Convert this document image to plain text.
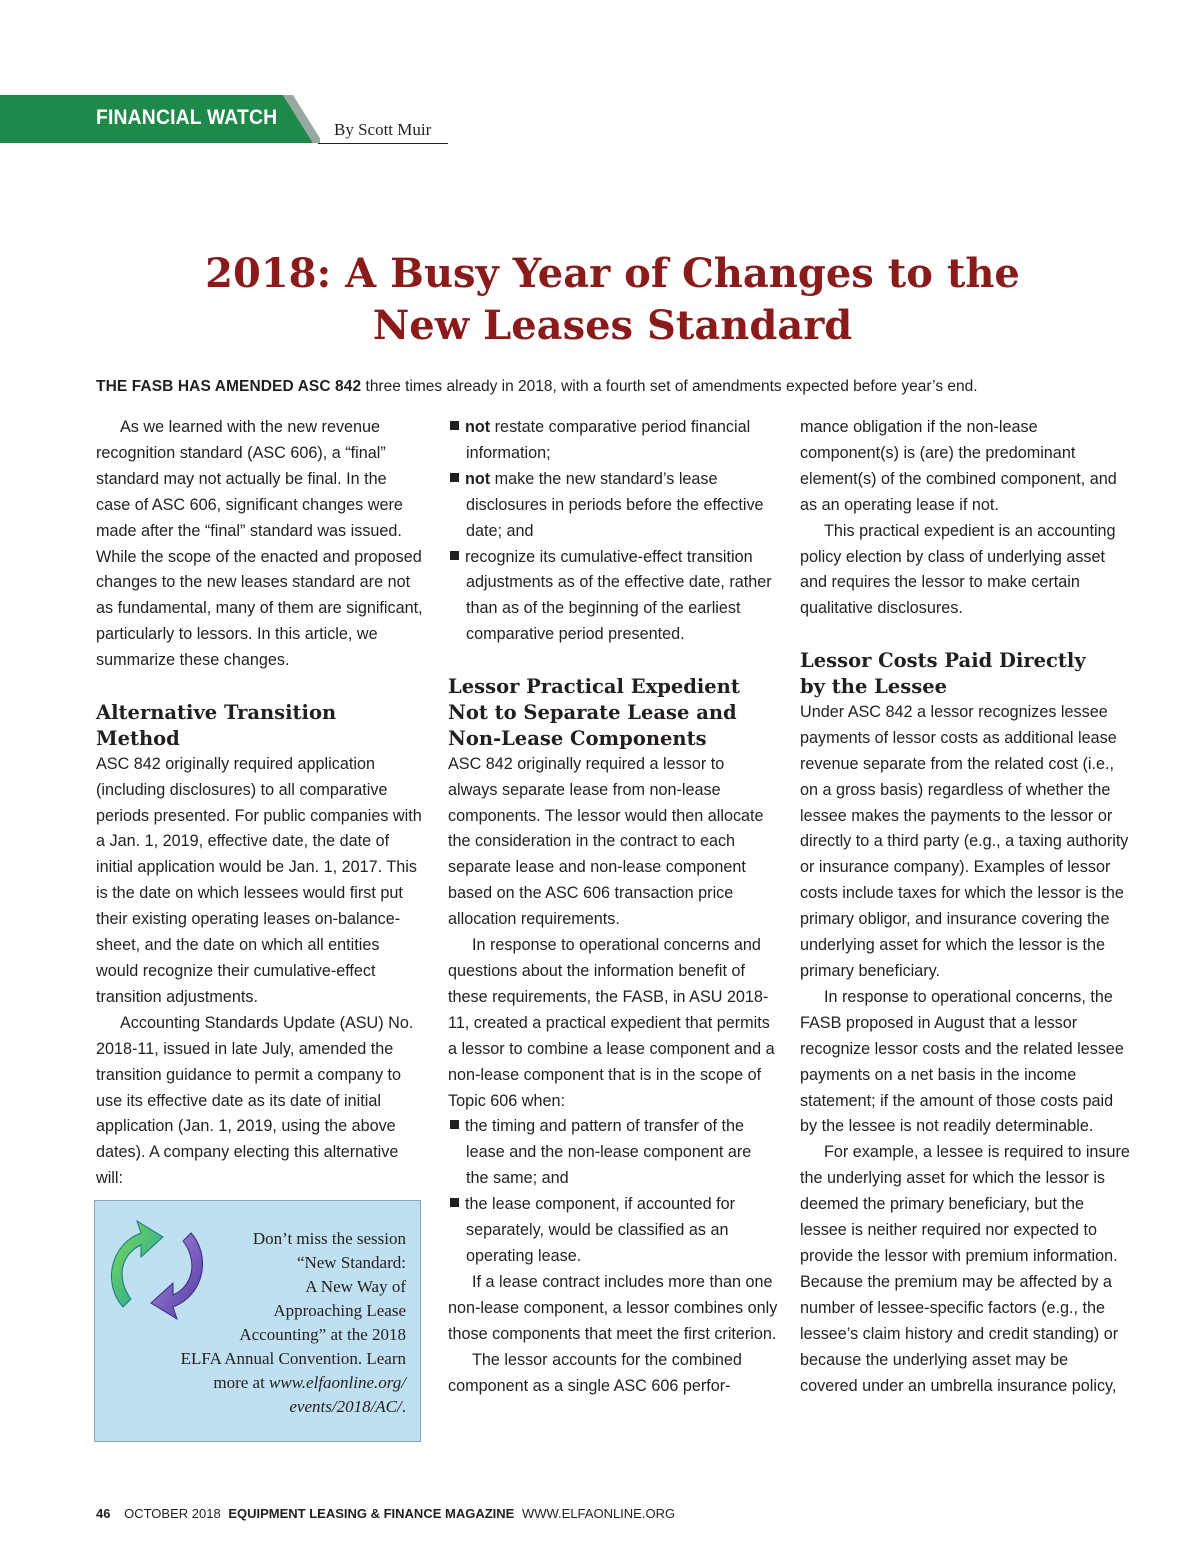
FINANCIAL WATCH
By Scott Muir
2018: A Busy Year of Changes to the
New Leases Standard
THE FASB HAS AMENDED ASC 842 three times already in 2018, with a fourth set of amendments expected before year’s end.

As we learned with the new revenue recognition standard (ASC 606), a “final” standard may not actually be final. In the case of ASC 606, significant changes were made after the “final” standard was issued. While the scope of the enacted and proposed changes to the new leases standard are not as fundamental, many of them are significant, particularly to lessors. In this article, we summarize these changes.

Alternative Transition Method

ASC 842 originally required application (including disclosures) to all comparative periods presented. For public companies with a Jan. 1, 2019, effective date, the date of initial application would be Jan. 1, 2017. This is the date on which lessees would first put their existing operating leases on-balance-sheet, and the date on which all entities would recognize their cumulative-effect transition adjustments.

Accounting Standards Update (ASU) No. 2018-11, issued in late July, amended the transition guidance to permit a company to use its effective date as its date of initial application (Jan. 1, 2019, using the above dates). A company electing this alternative will:

Don’t miss the session
“New Standard:
A New Way of
Approaching Lease
Accounting” at the 2018
ELFA Annual Convention. Learn
more at www.elfaonline.org/
events/2018/AC/.

not restate comparative period financial information;

not make the new standard’s lease disclosures in periods before the effective date; and

recognize its cumulative-effect transition adjustments as of the effective date, rather than as of the beginning of the earliest comparative period presented.

Lessor Practical Expedient Not to Separate Lease and Non-Lease Components

ASC 842 originally required a lessor to always separate lease from non-lease components. The lessor would then allocate the consideration in the contract to each separate lease and non-lease component based on the ASC 606 transaction price allocation requirements.

In response to operational concerns and questions about the information benefit of these requirements, the FASB, in ASU 2018-11, created a practical expedient that permits a lessor to combine a lease component and a non-lease component that is in the scope of Topic 606 when:

the timing and pattern of transfer of the lease and the non-lease component are the same; and

the lease component, if accounted for separately, would be classified as an operating lease.

If a lease contract includes more than one non-lease component, a lessor combines only those components that meet the first criterion.

The lessor accounts for the combined component as a single ASC 606 perfor-

mance obligation if the non-lease component(s) is (are) the predominant element(s) of the combined component, and as an operating lease if not.

This practical expedient is an accounting policy election by class of underlying asset and requires the lessor to make certain qualitative disclosures.

Lessor Costs Paid Directly
by the Lessee

Under ASC 842 a lessor recognizes lessee payments of lessor costs as additional lease revenue separate from the related cost (i.e., on a gross basis) regardless of whether the lessee makes the payments to the lessor or directly to a third party (e.g., a taxing authority or insurance company). Examples of lessor costs include taxes for which the lessor is the primary obligor, and insurance covering the underlying asset for which the lessor is the primary beneficiary.

In response to operational concerns, the FASB proposed in August that a lessor recognize lessor costs and the related lessee payments on a net basis in the income statement; if the amount of those costs paid by the lessee is not readily determinable.

For example, a lessee is required to insure the underlying asset for which the lessor is deemed the primary beneficiary, but the lessee is neither required nor expected to provide the lessor with premium information. Because the premium may be affected by a number of lessee-specific factors (e.g., the lessee’s claim history and credit standing) or because the underlying asset may be covered under an umbrella insurance policy,

46 OCTOBER 2018 EQUIPMENT LEASING & FINANCE MAGAZINE WWW.ELFAONLINE.ORG
